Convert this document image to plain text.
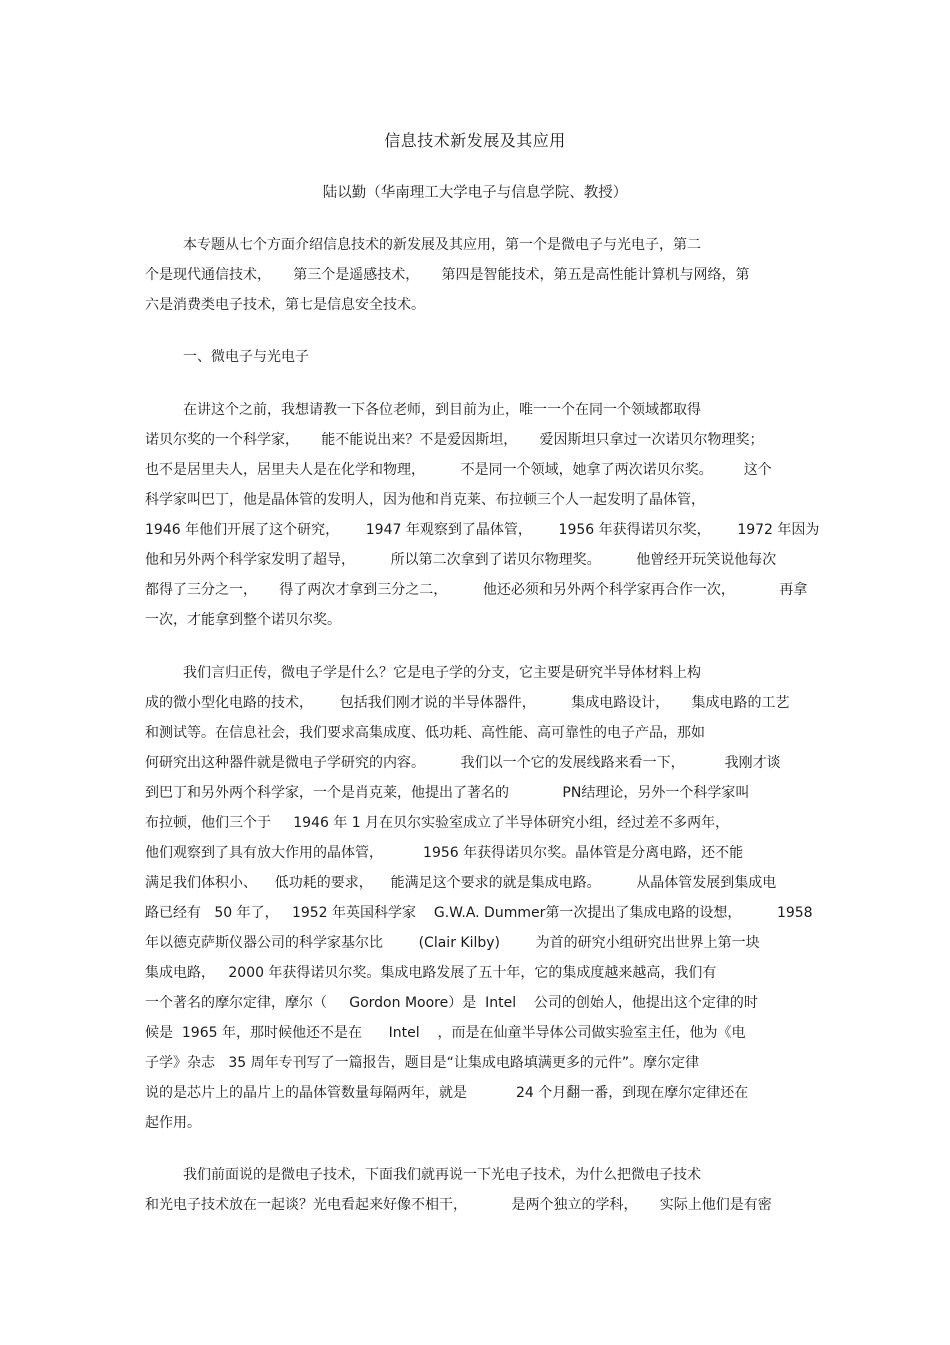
信息技术新发展及其应用
陆以勤（华南理工大学电子与信息学院、教授）
本专题从七个方面介绍信息技术的新发展及其应用，第一个是微电子与光电子，第二
个是现代通信技术，     第三个是遥感技术，     第四是智能技术，第五是高性能计算机与网络，第
六是消费类电子技术，第七是信息安全技术。
一、微电子与光电子
在讲这个之前，我想请教一下各位老师，到目前为止，唯一一个在同一个领域都取得
诺贝尔奖的一个科学家，     能不能说出来？不是爱因斯坦，     爱因斯坦只拿过一次诺贝尔物理奖；
也不是居里夫人，居里夫人是在化学和物理，        不是同一个领域，她拿了两次诺贝尔奖。       这个
科学家叫巴丁，他是晶体管的发明人，因为他和肖克莱、布拉顿三个人一起发明了晶体管，
1946 年他们开展了这个研究，      1947 年观察到了晶体管，      1956 年获得诺贝尔奖，      1972 年因为
他和另外两个科学家发明了超导，        所以第二次拿到了诺贝尔物理奖。        他曾经开玩笑说他每次
都得了三分之一，     得了两次才拿到三分之二，        他还必须和另外两个科学家再合作一次，          再拿
一次，才能拿到整个诺贝尔奖。
我们言归正传，微电子学是什么？它是电子学的分支，它主要是研究半导体材料上构
成的微小型化电路的技术，      包括我们刚才说的半导体器件，        集成电路设计，     集成电路的工艺
和测试等。在信息社会，我们要求高集成度、低功耗、高性能、高可靠性的电子产品，那如
何研究出这种器件就是微电子学研究的内容。        我们以一个它的发展线路来看一下，         我刚才谈
到巴丁和另外两个科学家，一个是肖克莱，他提出了著名的            PN结理论，另外一个科学家叫
布拉顿，他们三个于     1946 年 1 月在贝尔实验室成立了半导体研究小组，经过差不多两年，
他们观察到了具有放大作用的晶体管，         1956 年获得诺贝尔奖。晶体管是分离电路，还不能
满足我们体积小、    低功耗的要求，    能满足这个要求的就是集成电路。        从晶体管发展到集成电
路已经有   50 年了，   1952 年英国科学家    G.W.A. Dummer第一次提出了集成电路的设想，        1958
年以德克萨斯仪器公司的科学家基尔比        (Clair Kilby)        为首的研究小组研究出世界上第一块
集成电路，   2000 年获得诺贝尔奖。集成电路发展了五十年，它的集成度越来越高，我们有
一个著名的摩尔定律，摩尔（     Gordon Moore）是  Intel    公司的创始人，他提出这个定律的时
候是  1965 年，那时候他还不是在      Intel    ，而是在仙童半导体公司做实验室主任，他为《电
子学》杂志   35 周年专刊写了一篇报告，题目是“让集成电路填满更多的元件”。摩尔定律
说的是芯片上的晶片上的晶体管数量每隔两年，就是           24 个月翻一番，到现在摩尔定律还在
起作用。
我们前面说的是微电子技术，下面我们就再说一下光电子技术，为什么把微电子技术
和光电子技术放在一起谈？光电看起来好像不相干，          是两个独立的学科，     实际上他们是有密
